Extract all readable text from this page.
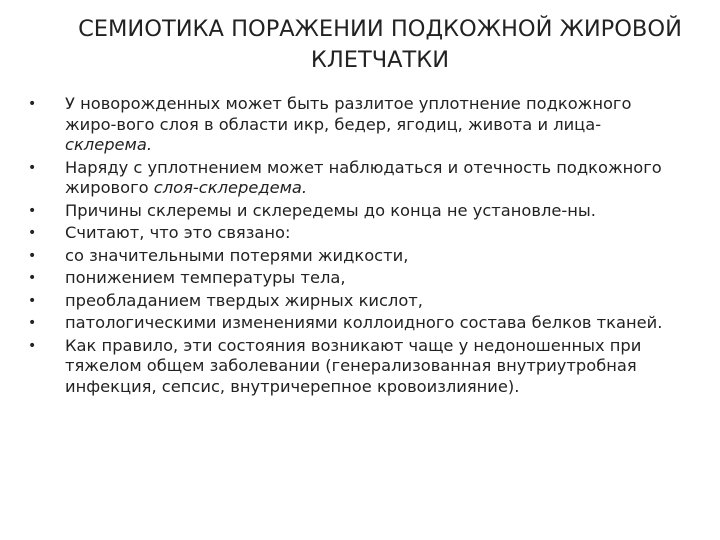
СЕМИОТИКА ПОРАЖЕНИИ ПОДКОЖНОЙ ЖИРОВОЙ
КЛЕТЧАТКИ
• У новорожденных может быть разлитое уплотнение подкожного жиро-вого слоя в области икр, бедер, ягодиц, живота и лица-склерема.
• Наряду с уплотнением может наблюдаться и отечность подкожного жирового слоя-склередема.
• Причины склеремы и склередемы до конца не установле-ны.
• Считают, что это связано:
• со значительными потерями жидкости,
• понижением температуры тела,
• преобладанием твердых жирных кислот,
• патологическими изменениями коллоидного состава белков тканей.
• Как правило, эти состояния возникают чаще у недоношенных при тяжелом общем заболевании (генерализованная внутриутробная инфекция, сепсис, внутричерепное кровоизлияние).
